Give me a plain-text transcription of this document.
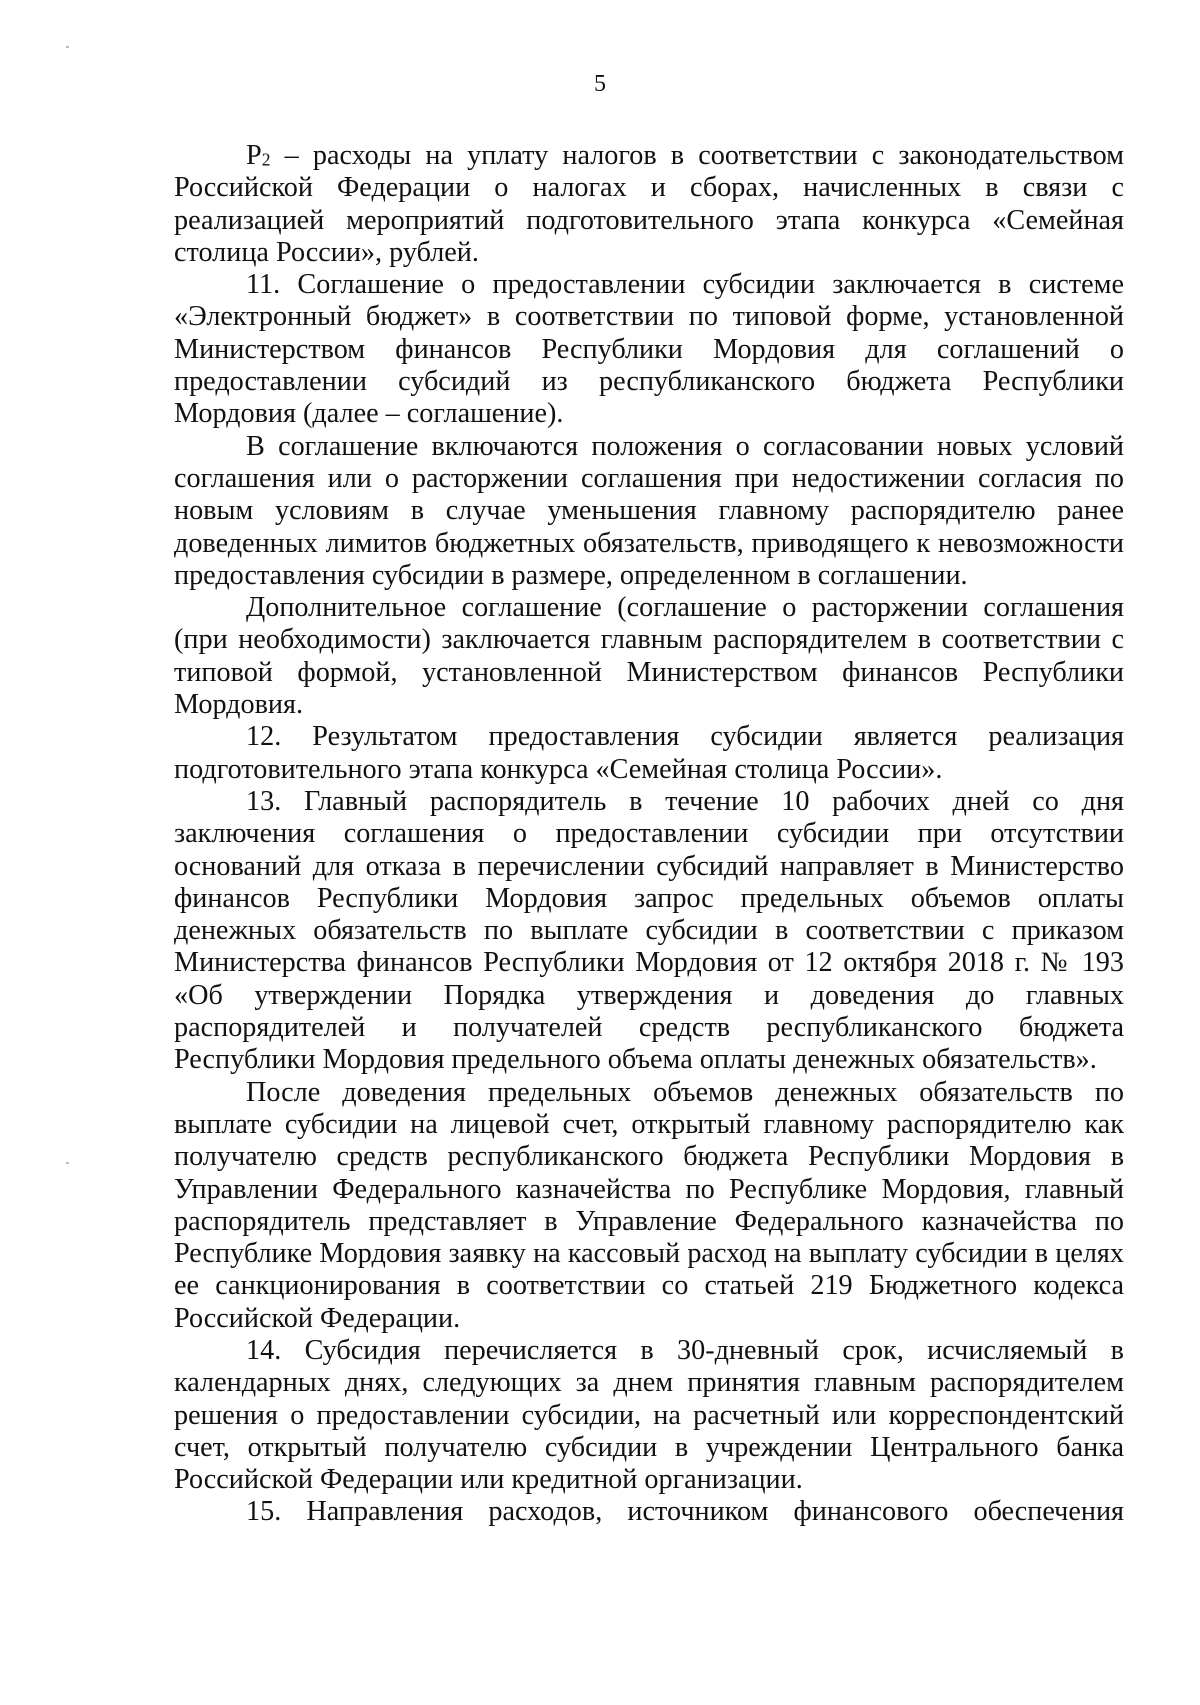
5

$P_2$ – расходы на уплату налогов в соответствии с законодательством Российской Федерации о налогах и сборах, начисленных в связи с реализацией мероприятий подготовительного этапа конкурса «Семейная столица России», рублей.

11. Соглашение о предоставлении субсидии заключается в системе «Электронный бюджет» в соответствии по типовой форме, установленной Министерством финансов Республики Мордовия для соглашений о предоставлении субсидий из республиканского бюджета Республики Мордовия (далее – соглашение).

В соглашение включаются положения о согласовании новых условий соглашения или о расторжении соглашения при недостижении согласия по новым условиям в случае уменьшения главному распорядителю ранее доведенных лимитов бюджетных обязательств, приводящего к невозможности предоставления субсидии в размере, определенном в соглашении.

Дополнительное соглашение (соглашение о расторжении соглашения (при необходимости) заключается главным распорядителем в соответствии с типовой формой, установленной Министерством финансов Республики Мордовия.

12. Результатом предоставления субсидии является реализация подготовительного этапа конкурса «Семейная столица России».

13. Главный распорядитель в течение 10 рабочих дней со дня заключения соглашения о предоставлении субсидии при отсутствии оснований для отказа в перечислении субсидий направляет в Министерство финансов Республики Мордовия запрос предельных объемов оплаты денежных обязательств по выплате субсидии в соответствии с приказом Министерства финансов Республики Мордовия от 12 октября 2018 г. № 193 «Об утверждении Порядка утверждения и доведения до главных распорядителей и получателей средств республиканского бюджета Республики Мордовия предельного объема оплаты денежных обязательств».

После доведения предельных объемов денежных обязательств по выплате субсидии на лицевой счет, открытый главному распорядителю как получателю средств республиканского бюджета Республики Мордовия в Управлении Федерального казначейства по Республике Мордовия, главный распорядитель представляет в Управление Федерального казначейства по Республике Мордовия заявку на кассовый расход на выплату субсидии в целях ее санкционирования в соответствии со статьей 219 Бюджетного кодекса Российской Федерации.

14. Субсидия перечисляется в 30-дневный срок, исчисляемый в календарных днях, следующих за днем принятия главным распорядителем решения о предоставлении субсидии, на расчетный или корреспондентский счет, открытый получателю субсидии в учреждении Центрального банка Российской Федерации или кредитной организации.

15. Направления расходов, источником финансового обеспечения
